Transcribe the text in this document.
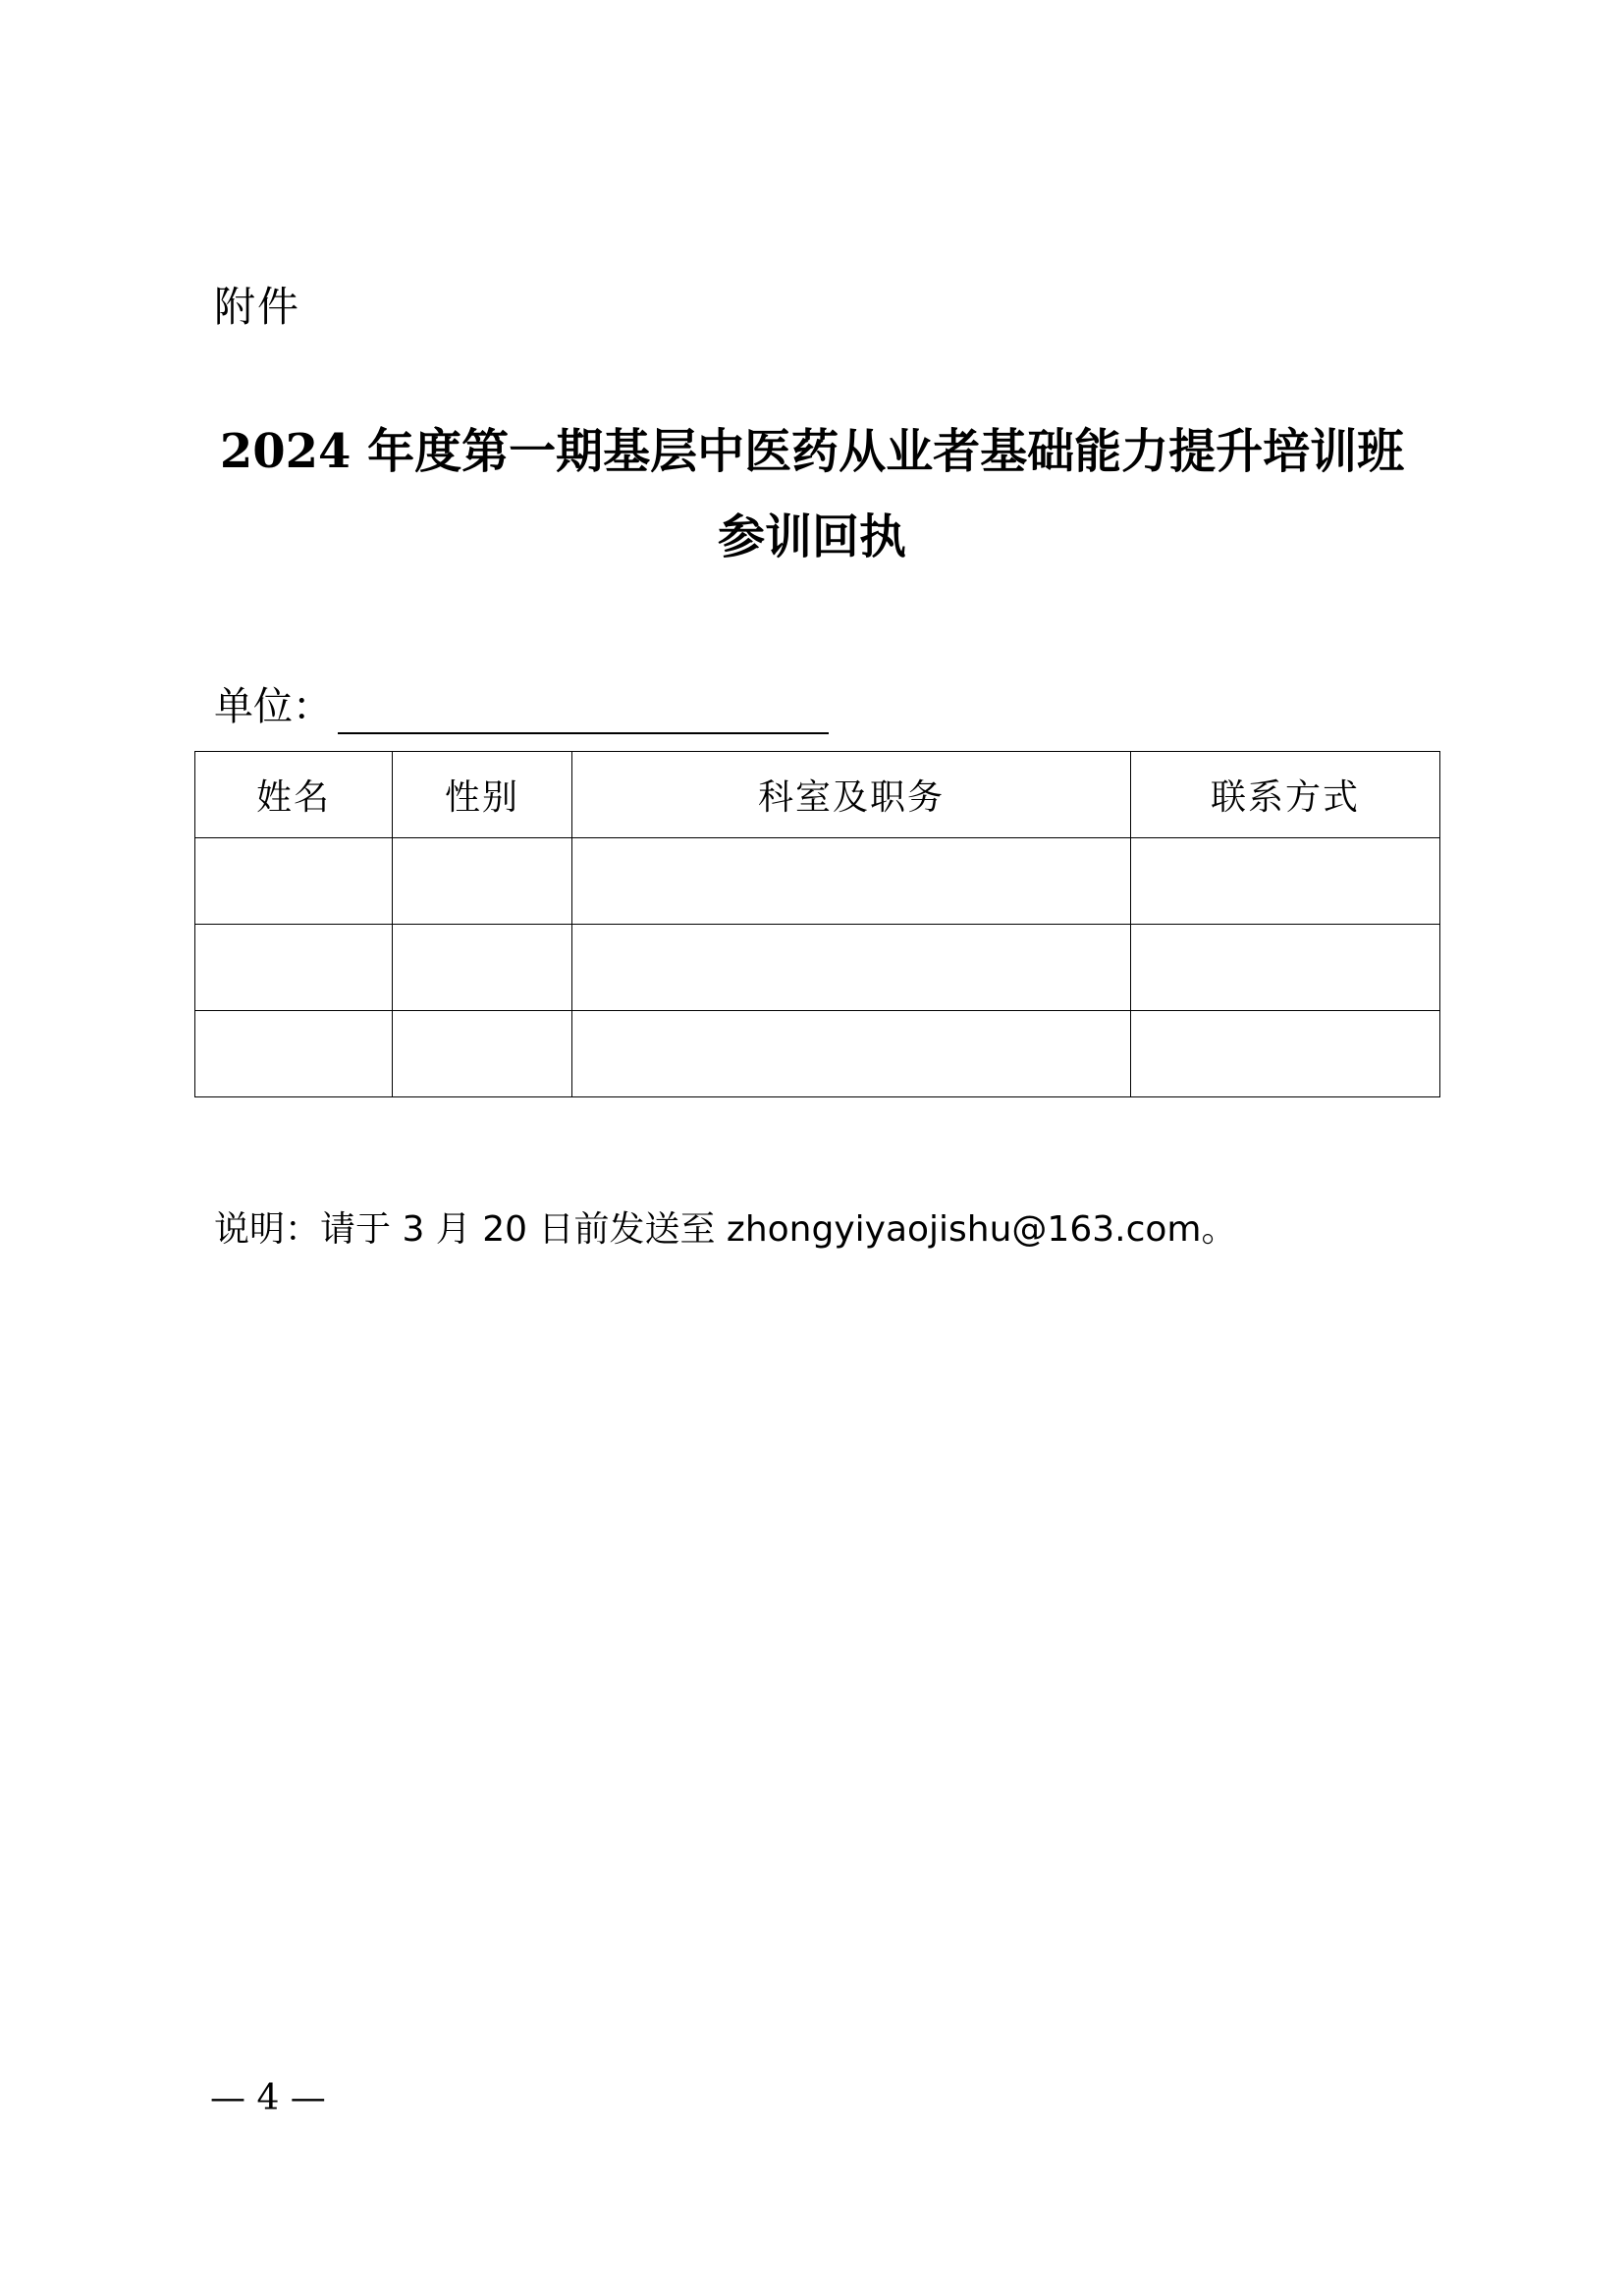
附件
2024 年度第一期基层中医药从业者基础能力提升培训班
参训回执
单位：
姓名	性别	科室及职务	联系方式

说明：请于 3 月 20 日前发送至 zhongyiyaojishu@163.com。
— 4 —
